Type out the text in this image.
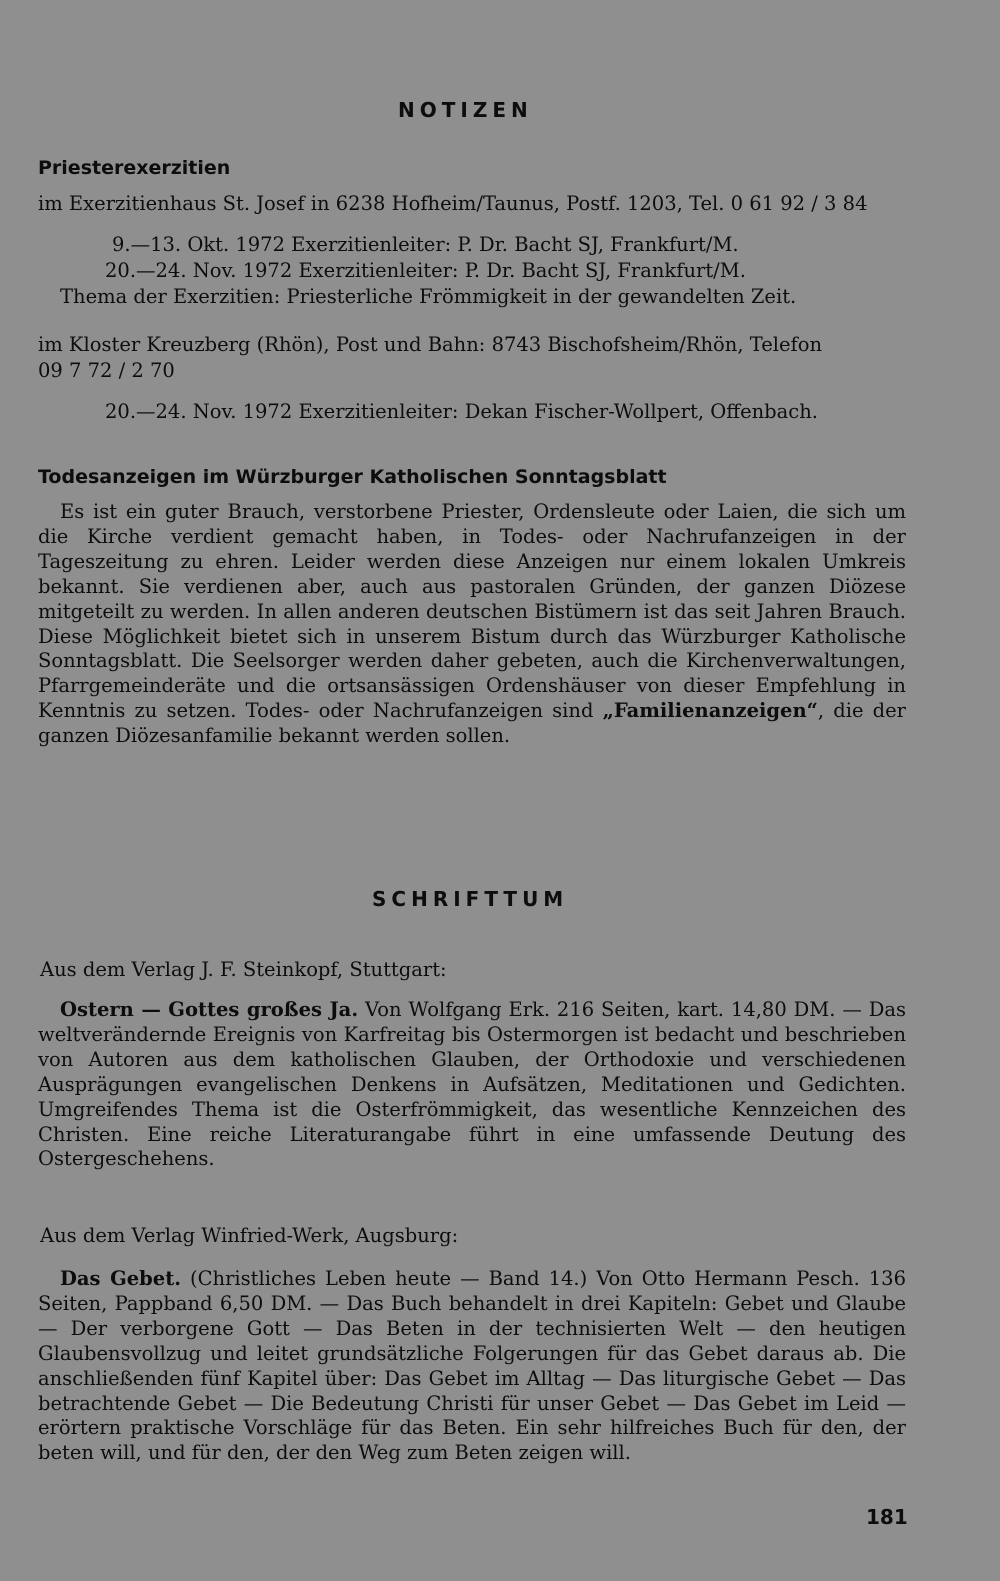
NOTIZEN
Priesterexerzitien
im Exerzitienhaus St. Josef in 6238 Hofheim/Taunus, Postf. 1203, Tel. 0 61 92 / 3 84
9.—13. Okt. 1972 Exerzitienleiter: P. Dr. Bacht SJ, Frankfurt/M.
20.—24. Nov. 1972 Exerzitienleiter: P. Dr. Bacht SJ, Frankfurt/M.
Thema der Exerzitien: Priesterliche Frömmigkeit in der gewandelten Zeit.
im Kloster Kreuzberg (Rhön), Post und Bahn: 8743 Bischofsheim/Rhön, Telefon
09 7 72 / 2 70
20.—24. Nov. 1972 Exerzitienleiter: Dekan Fischer-Wollpert, Offenbach.
Todesanzeigen im Würzburger Katholischen Sonntagsblatt
Es ist ein guter Brauch, verstorbene Priester, Ordensleute oder Laien, die sich um die Kirche verdient gemacht haben, in Todes- oder Nachrufanzeigen in der Tageszeitung zu ehren. Leider werden diese Anzeigen nur einem lokalen Umkreis bekannt. Sie verdienen aber, auch aus pastoralen Gründen, der ganzen Diözese mitgeteilt zu werden. In allen anderen deutschen Bistümern ist das seit Jahren Brauch. Diese Möglichkeit bietet sich in unserem Bistum durch das Würzburger Katholische Sonntagsblatt. Die Seelsorger werden daher gebeten, auch die Kirchenverwaltungen, Pfarrgemeinderäte und die ortsansässigen Ordenshäuser von dieser Empfehlung in Kenntnis zu setzen. Todes- oder Nachrufanzeigen sind „Familienanzeigen“, die der ganzen Diözesanfamilie bekannt werden sollen.
SCHRIFTTUM
Aus dem Verlag J. F. Steinkopf, Stuttgart:
Ostern — Gottes großes Ja. Von Wolfgang Erk. 216 Seiten, kart. 14,80 DM. — Das weltverändernde Ereignis von Karfreitag bis Ostermorgen ist bedacht und beschrieben von Autoren aus dem katholischen Glauben, der Orthodoxie und verschiedenen Ausprägungen evangelischen Denkens in Aufsätzen, Meditationen und Gedichten. Umgreifendes Thema ist die Osterfrömmigkeit, das wesentliche Kennzeichen des Christen. Eine reiche Literaturangabe führt in eine umfassende Deutung des Ostergeschehens.
Aus dem Verlag Winfried-Werk, Augsburg:
Das Gebet. (Christliches Leben heute — Band 14.) Von Otto Hermann Pesch. 136 Seiten, Pappband 6,50 DM. — Das Buch behandelt in drei Kapiteln: Gebet und Glaube — Der verborgene Gott — Das Beten in der technisierten Welt — den heutigen Glaubensvollzug und leitet grundsätzliche Folgerungen für das Gebet daraus ab. Die anschließenden fünf Kapitel über: Das Gebet im Alltag — Das liturgische Gebet — Das betrachtende Gebet — Die Bedeutung Christi für unser Gebet — Das Gebet im Leid — erörtern praktische Vorschläge für das Beten. Ein sehr hilfreiches Buch für den, der beten will, und für den, der den Weg zum Beten zeigen will.
181
